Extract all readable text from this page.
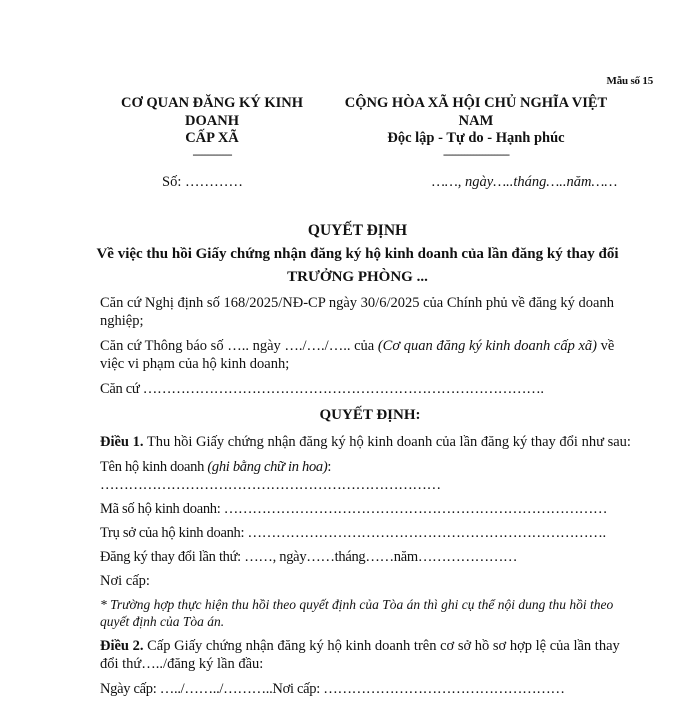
Mẫu số 15
CƠ QUAN ĐĂNG KÝ KINH
DOANH
CẤP XÃ
-------------
CỘNG HÒA XÃ HỘI CHỦ NGHĨA VIỆT
NAM
Độc lập - Tự do - Hạnh phúc
----------------------
Số: …………	……, ngày…..tháng…..năm……
QUYẾT ĐỊNH
Về việc thu hồi Giấy chứng nhận đăng ký hộ kinh doanh của lần đăng ký thay đổi
TRƯỞNG PHÒNG ...

Căn cứ Nghị định số 168/2025/NĐ-CP ngày 30/6/2025 của Chính phủ về đăng ký doanh nghiệp;

Căn cứ Thông báo số ….. ngày …./…./….. của (Cơ quan đăng ký kinh doanh cấp xã) về việc vi phạm của hộ kinh doanh;

Căn cứ ………………………………………………………………………….

QUYẾT ĐỊNH:

Điều 1. Thu hồi Giấy chứng nhận đăng ký hộ kinh doanh của lần đăng ký thay đổi như sau:

Tên hộ kinh doanh (ghi bằng chữ in hoa): ………………………………………………………………

Mã số hộ kinh doanh: ………………………………………………………………………

Trụ sở của hộ kinh doanh: ………………………………………………………………….

Đăng ký thay đổi lần thứ: ……, ngày……tháng……năm…………………

Nơi cấp:

* Trường hợp thực hiện thu hồi theo quyết định của Tòa án thì ghi cụ thể nội dung thu hồi theo quyết định của Tòa án.

Điều 2. Cấp Giấy chứng nhận đăng ký hộ kinh doanh trên cơ sở hồ sơ hợp lệ của lần thay đổi thứ…../đăng ký lần đầu:

Ngày cấp: …../……../………..Nơi cấp: ……………………………………………
